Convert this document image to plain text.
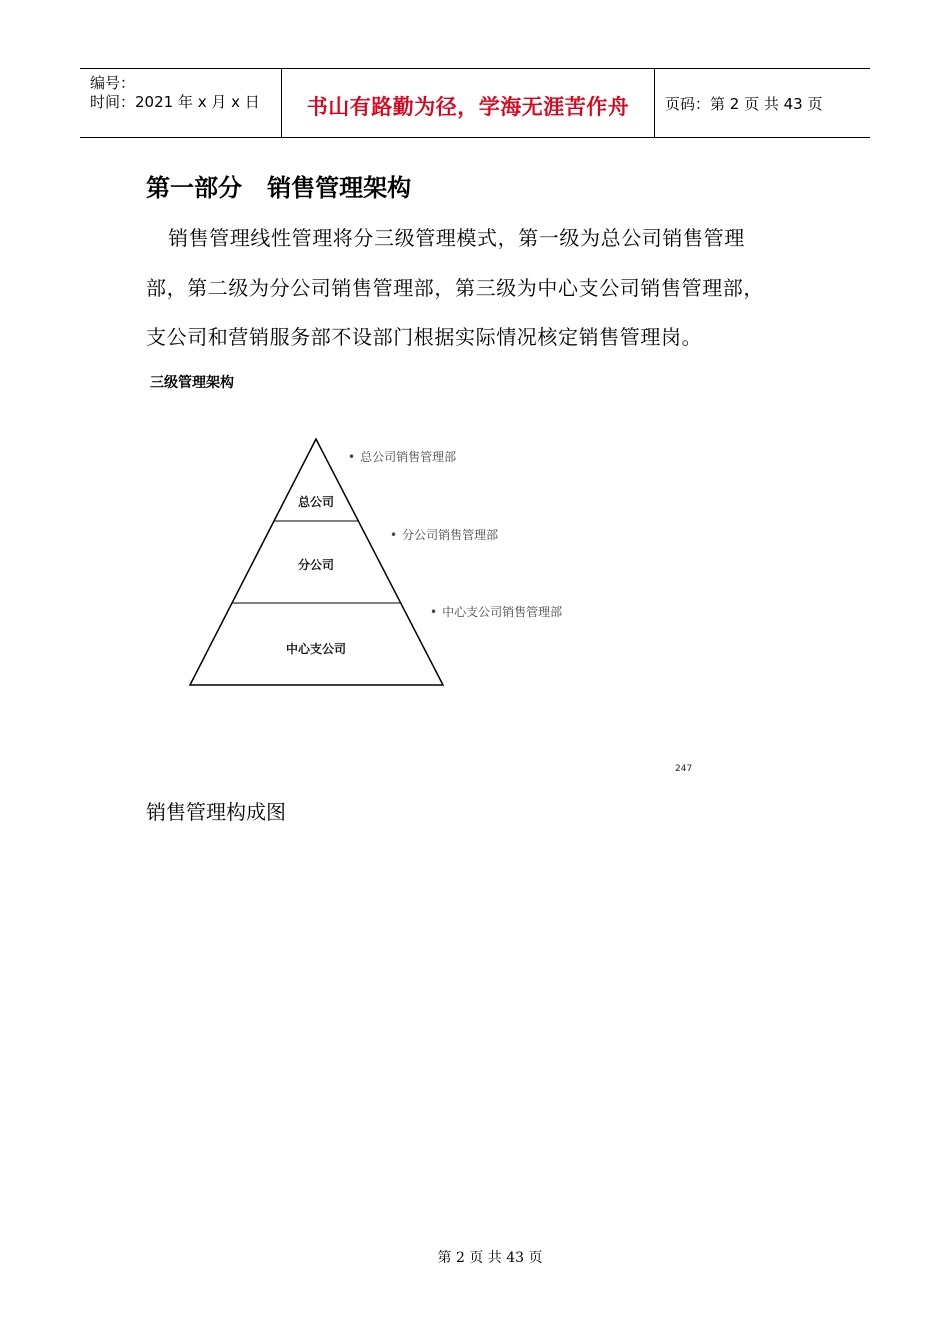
编号：
时间：2021 年 x 月 x 日	书山有路勤为径，学海无涯苦作舟	页码：第 2 页 共 43 页
第一部分   销售管理架构
销售管理线性管理将分三级管理模式，第一级为总公司销售管理
部，第二级为分公司销售管理部，第三级为中心支公司销售管理部，
支公司和营销服务部不设部门根据实际情况核定销售管理岗。
三级管理架构
总公司
分公司
中心支公司
• 总公司销售管理部
• 分公司销售管理部
• 中心支公司销售管理部
247
销售管理构成图
第 2 页 共 43 页
